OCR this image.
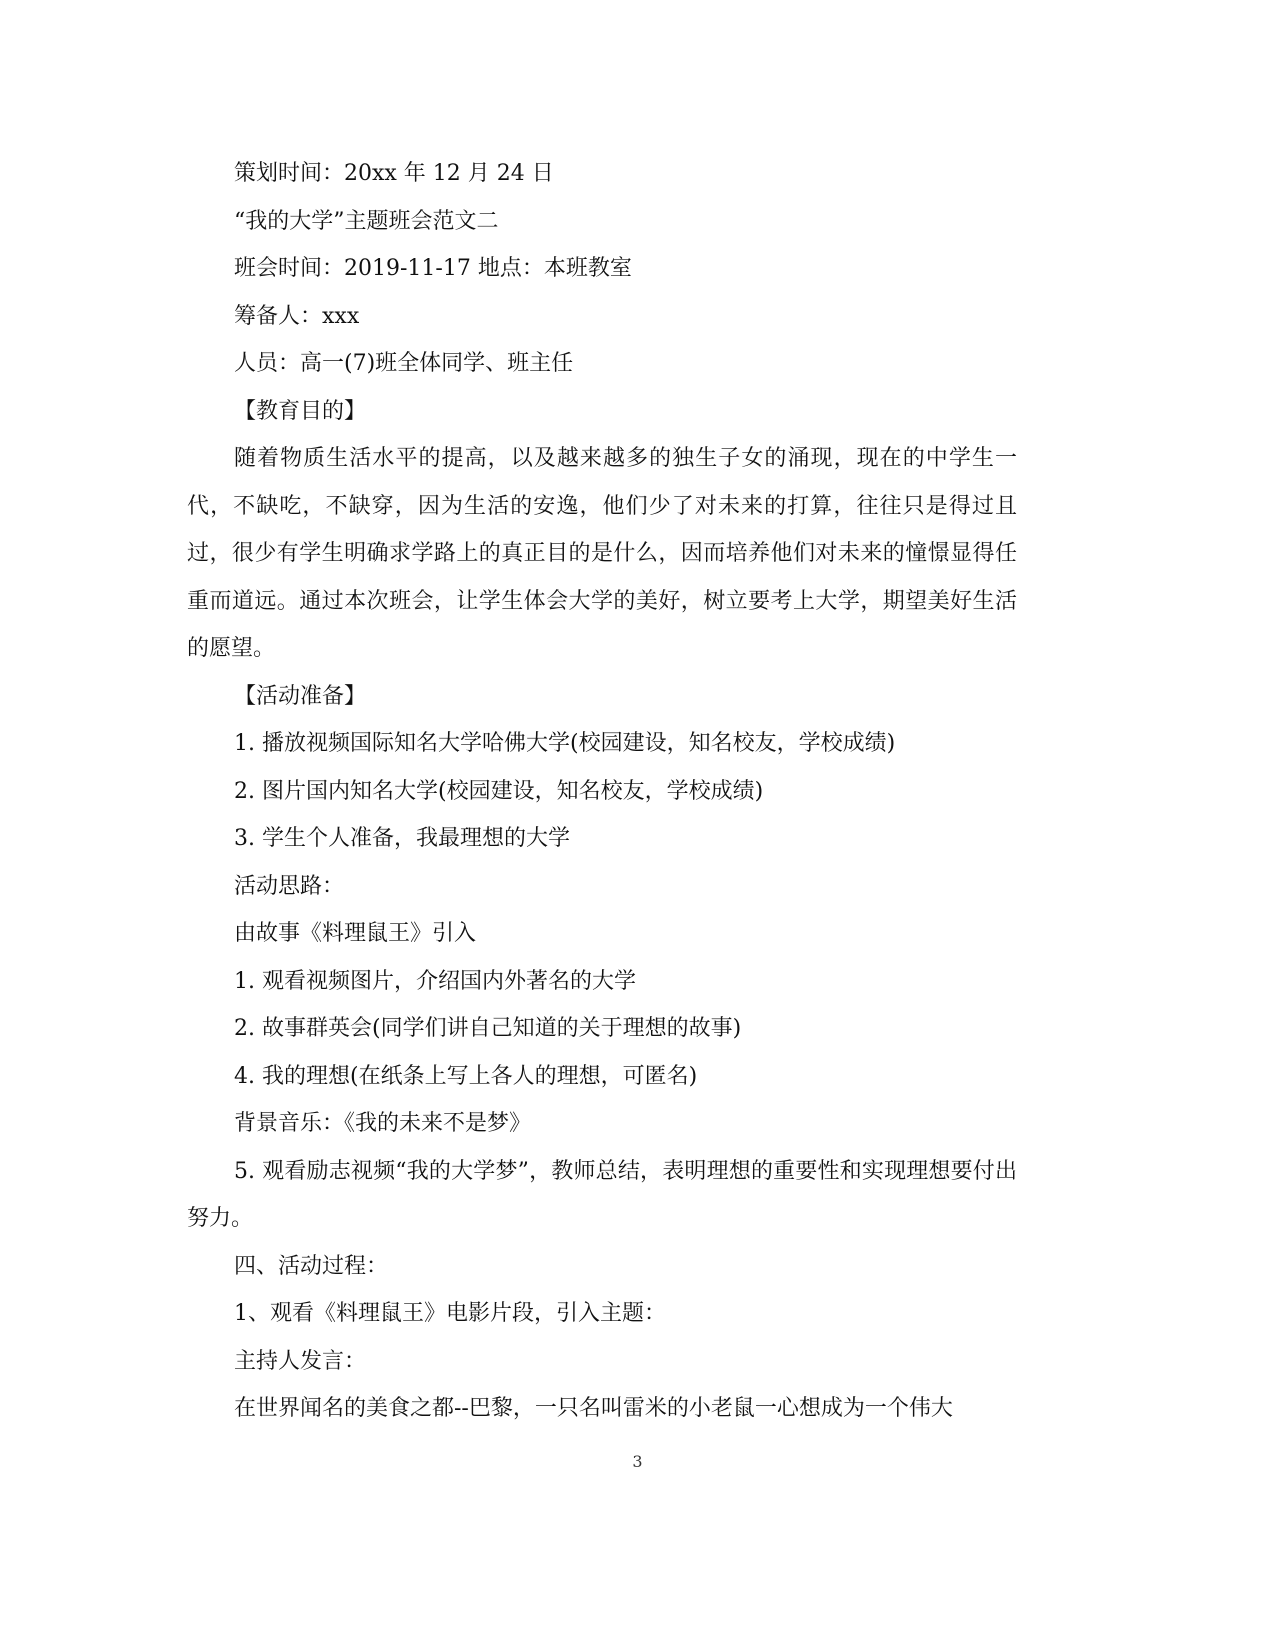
策划时间：20xx 年 12 月 24 日

“我的大学”主题班会范文二

班会时间：2019-11-17 地点：本班教室

筹备人：xxx

人员：高一(7)班全体同学、班主任

【教育目的】

随着物质生活水平的提高，以及越来越多的独生子女的涌现，现在的中学生一代，不缺吃，不缺穿，因为生活的安逸，他们少了对未来的打算，往往只是得过且过，很少有学生明确求学路上的真正目的是什么，因而培养他们对未来的憧憬显得任重而道远。通过本次班会，让学生体会大学的美好，树立要考上大学，期望美好生活的愿望。

【活动准备】

1. 播放视频国际知名大学哈佛大学(校园建设，知名校友，学校成绩)

2. 图片国内知名大学(校园建设，知名校友，学校成绩)

3. 学生个人准备，我最理想的大学

活动思路：

由故事《料理鼠王》引入

1. 观看视频图片，介绍国内外著名的大学

2. 故事群英会(同学们讲自己知道的关于理想的故事)

4. 我的理想(在纸条上写上各人的理想，可匿名)

背景音乐：《我的未来不是梦》

5. 观看励志视频“我的大学梦”，教师总结，表明理想的重要性和实现理想要付出努力。

四、活动过程：

1、观看《料理鼠王》电影片段，引入主题：

主持人发言：

在世界闻名的美食之都--巴黎，一只名叫雷米的小老鼠一心想成为一个伟大

3
